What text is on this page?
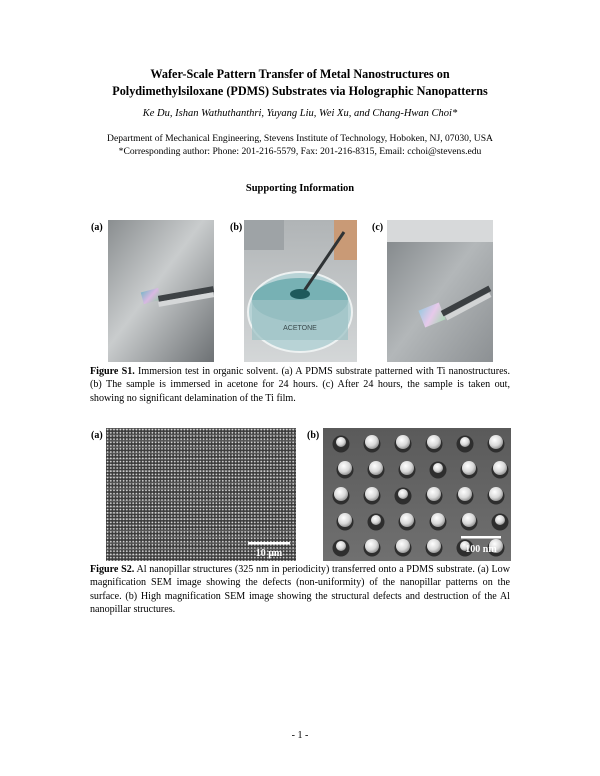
Wafer-Scale Pattern Transfer of Metal Nanostructures on
Polydimethylsiloxane (PDMS) Substrates via Holographic Nanopatterns
Ke Du, Ishan Wathuthanthri, Yuyang Liu, Wei Xu, and Chang-Hwan Choi*
Department of Mechanical Engineering, Stevens Institute of Technology, Hoboken, NJ, 07030, USA
*Corresponding author: Phone: 201-216-5579, Fax: 201-216-8315, Email: cchoi@stevens.edu
Supporting Information
(a)	(b)	(c)
ACETONE
Figure S1. Immersion test in organic solvent. (a) A PDMS substrate patterned with Ti nanostructures. (b) The sample is immersed in acetone for 24 hours. (c) After 24 hours, the sample is taken out, showing no significant delamination of the Ti film.
(a)	(b)
10 μm	100 nm
Figure S2. Al nanopillar structures (325 nm in periodicity) transferred onto a PDMS substrate. (a) Low magnification SEM image showing the defects (non-uniformity) of the nanopillar patterns on the surface. (b) High magnification SEM image showing the structural defects and destruction of the Al nanopillar structures.
- 1 -
